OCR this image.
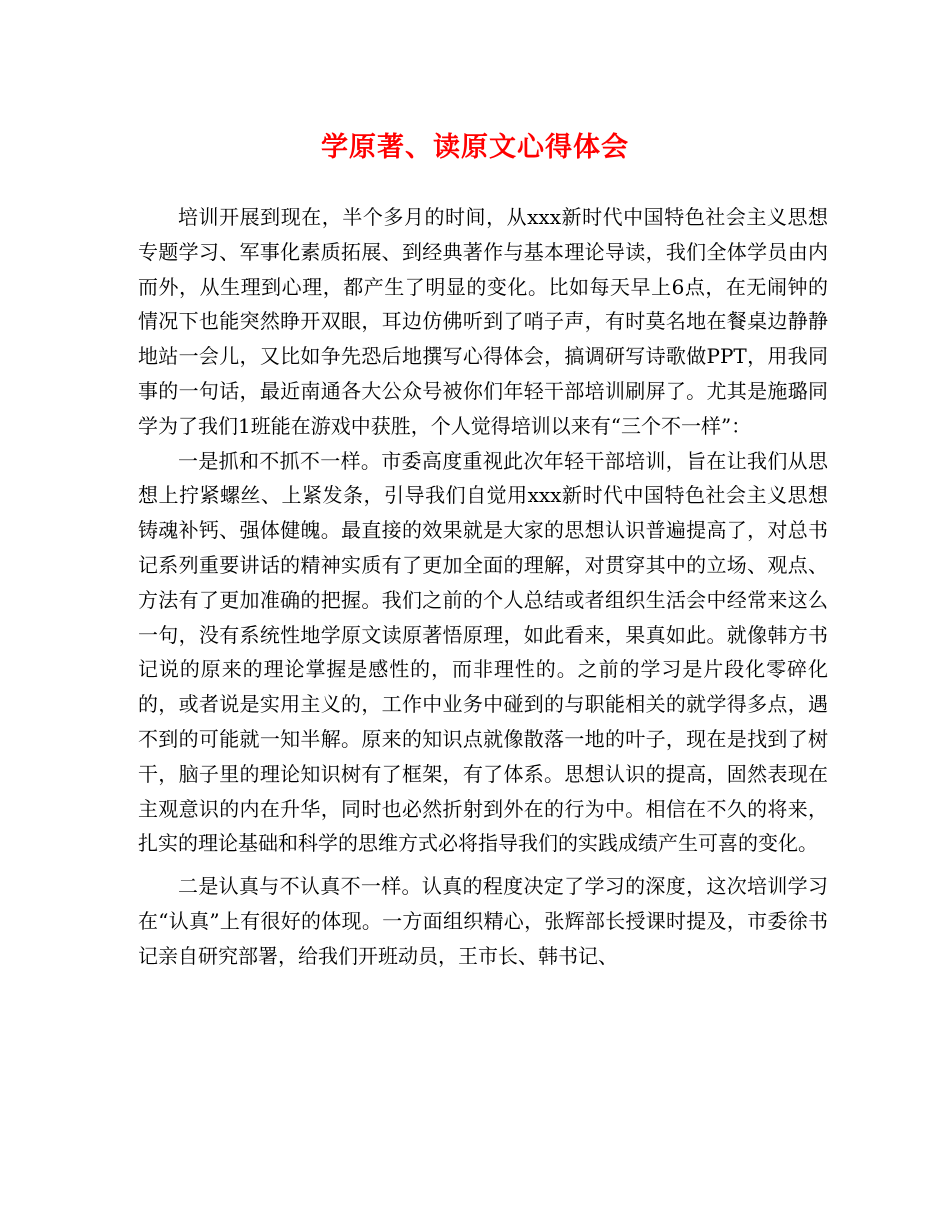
学原著、读原文心得体会

培训开展到现在，半个多月的时间，从xxx新时代中国特色社会主义思想专题学习、军事化素质拓展、到经典著作与基本理论导读，我们全体学员由内而外，从生理到心理，都产生了明显的变化。比如每天早上6点，在无闹钟的情况下也能突然睁开双眼，耳边仿佛听到了哨子声，有时莫名地在餐桌边静静地站一会儿，又比如争先恐后地撰写心得体会，搞调研写诗歌做PPT，用我同事的一句话，最近南通各大公众号被你们年轻干部培训刷屏了。尤其是施璐同学为了我们1班能在游戏中获胜，个人觉得培训以来有“三个不一样”：

一是抓和不抓不一样。市委高度重视此次年轻干部培训，旨在让我们从思想上拧紧螺丝、上紧发条，引导我们自觉用xxx新时代中国特色社会主义思想铸魂补钙、强体健魄。最直接的效果就是大家的思想认识普遍提高了，对总书记系列重要讲话的精神实质有了更加全面的理解，对贯穿其中的立场、观点、方法有了更加准确的把握。我们之前的个人总结或者组织生活会中经常来这么一句，没有系统性地学原文读原著悟原理，如此看来，果真如此。就像韩方书记说的原来的理论掌握是感性的，而非理性的。之前的学习是片段化零碎化的，或者说是实用主义的，工作中业务中碰到的与职能相关的就学得多点，遇不到的可能就一知半解。原来的知识点就像散落一地的叶子，现在是找到了树干，脑子里的理论知识树有了框架，有了体系。思想认识的提高，固然表现在主观意识的内在升华，同时也必然折射到外在的行为中。相信在不久的将来，扎实的理论基础和科学的思维方式必将指导我们的实践成绩产生可喜的变化。

二是认真与不认真不一样。认真的程度决定了学习的深度，这次培训学习在“认真”上有很好的体现。一方面组织精心，张辉部长授课时提及，市委徐书记亲自研究部署，给我们开班动员，王市长、韩书记、
